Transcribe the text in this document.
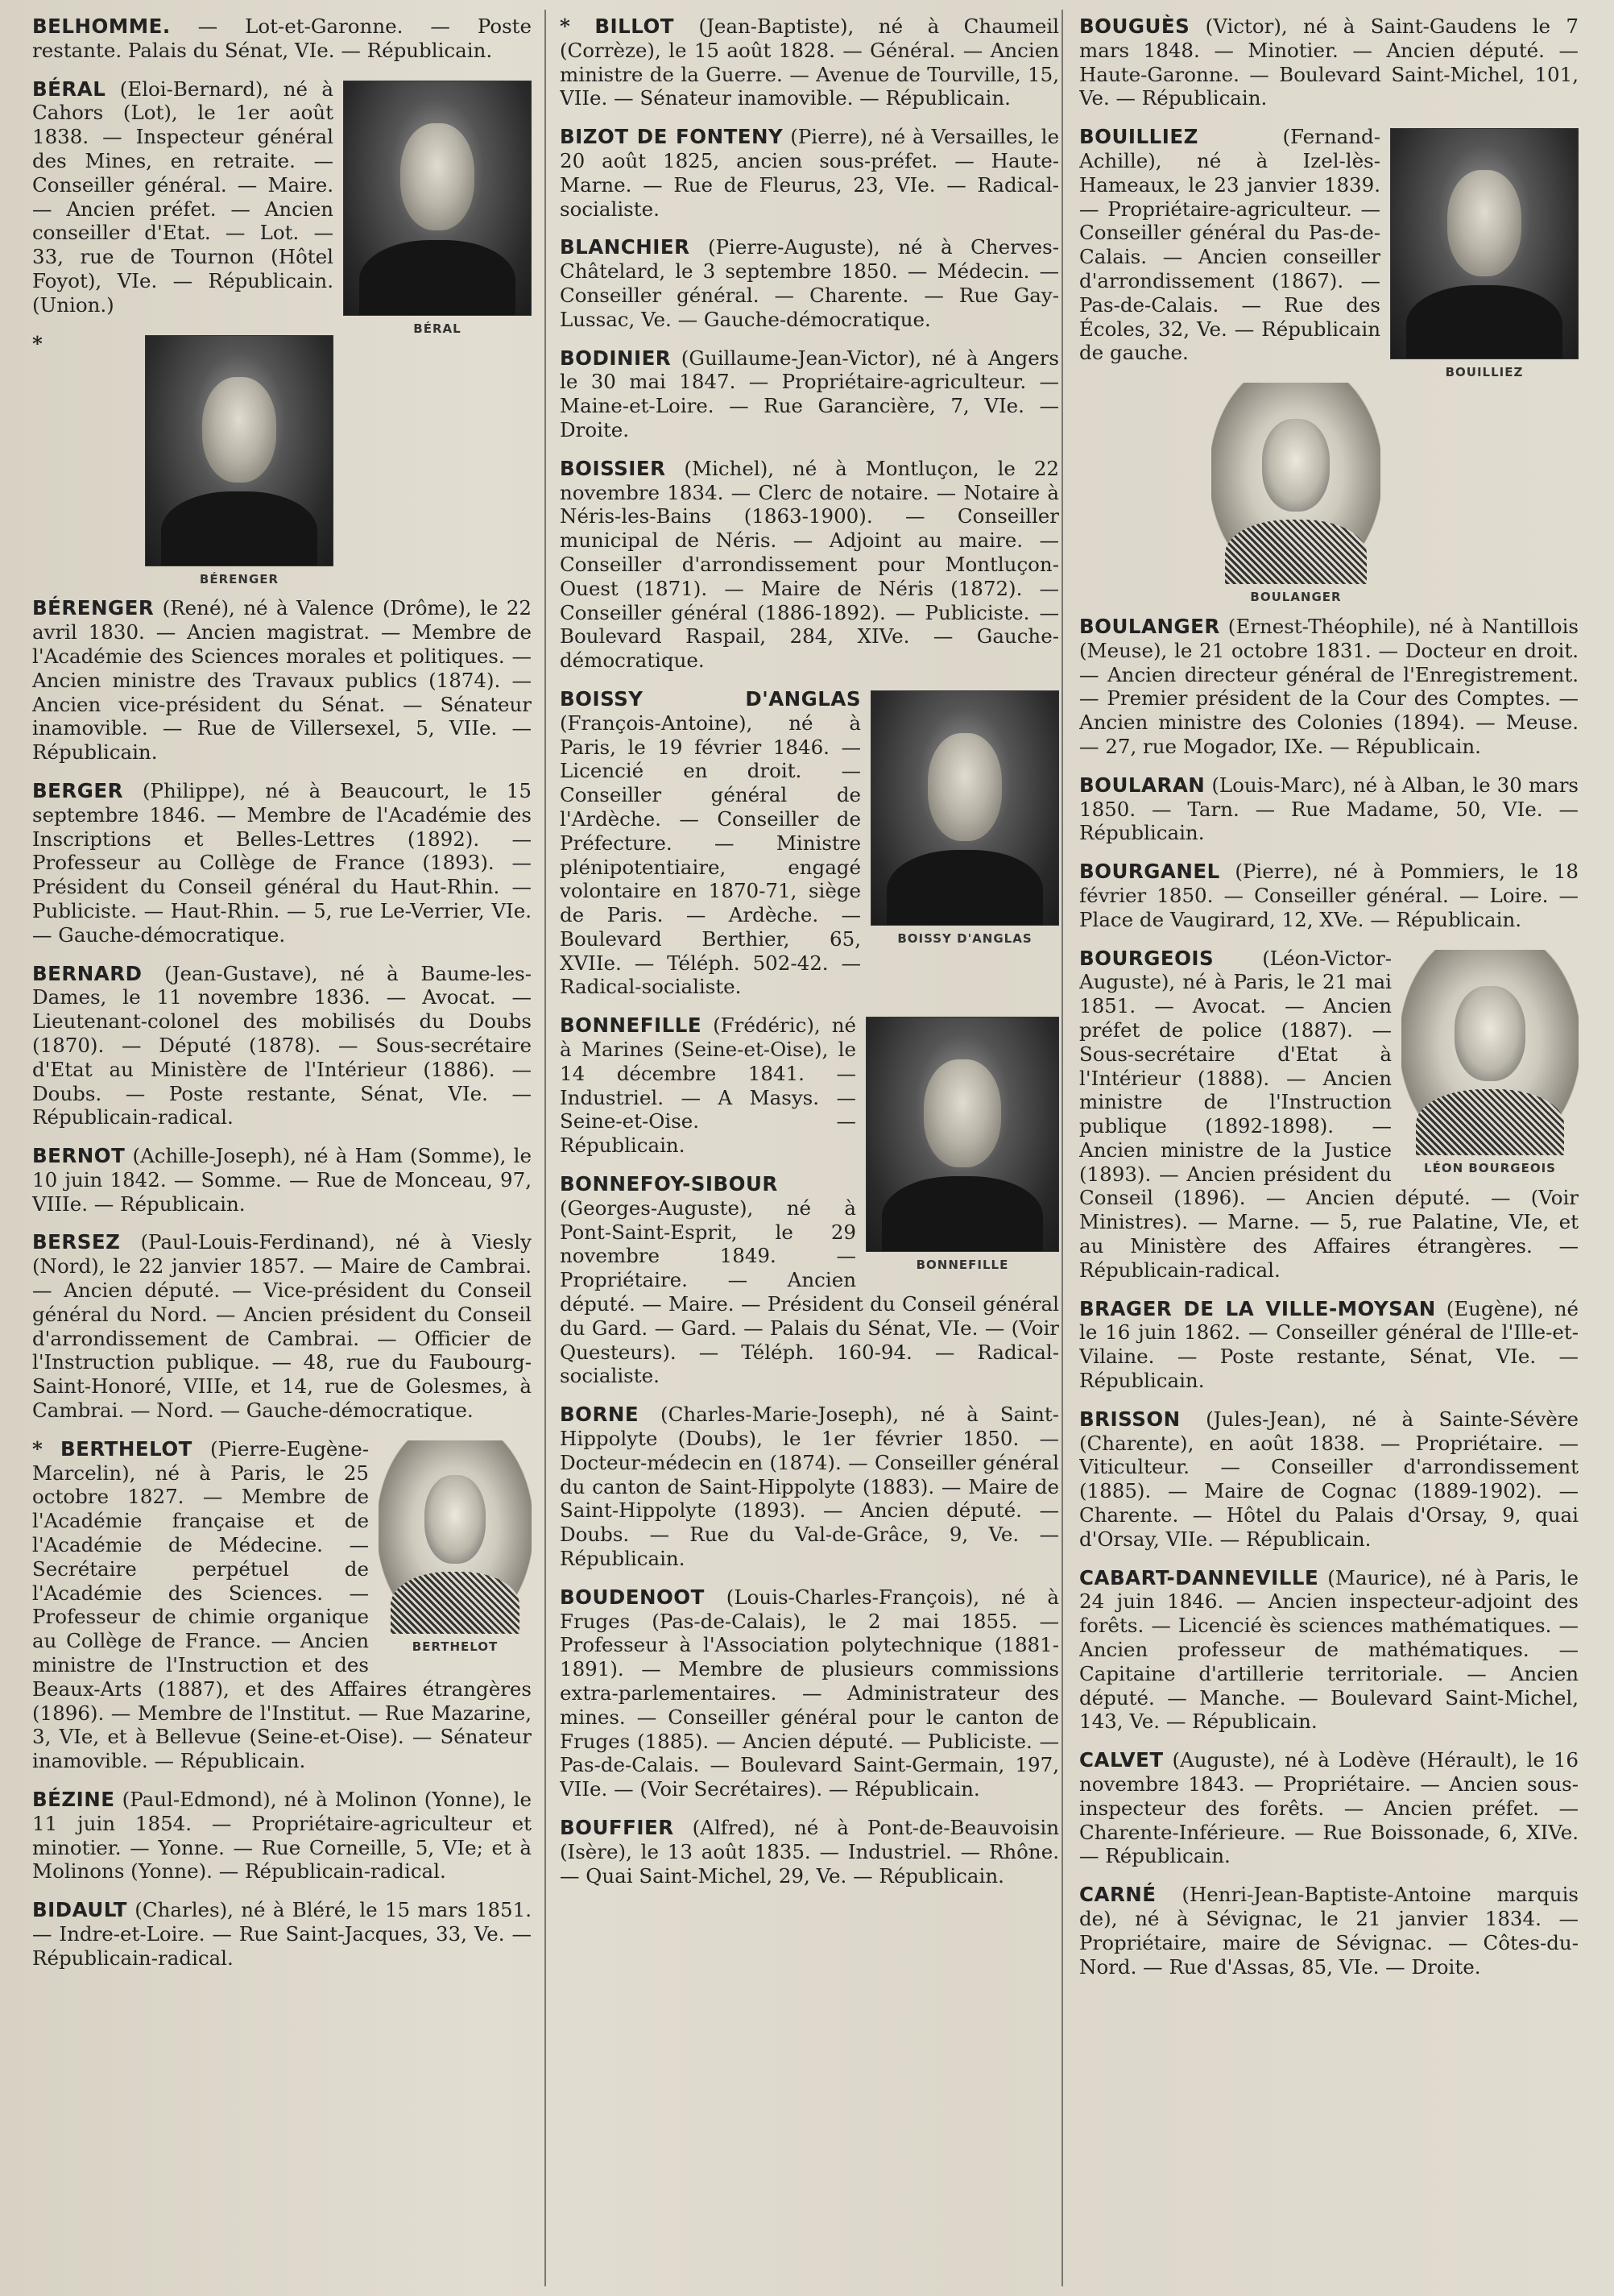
BELHOMME. — Lot-et-Garonne. — Poste restante. Palais du Sénat, VIe. — Républicain.

BÉRAL
BÉRAL (Eloi-Bernard), né à Cahors (Lot), le 1er août 1838. — Inspecteur général des Mines, en retraite. — Conseiller général. — Maire. — Ancien préfet. — Ancien conseiller d'Etat. — Lot. — 33, rue de Tournon (Hôtel Foyot), VIe. — Républicain. (Union.)

BÉRENGER
* BÉRENGER (René), né à Valence (Drôme), le 22 avril 1830. — Ancien magistrat. — Membre de l'Académie des Sciences morales et politiques. — Ancien ministre des Travaux publics (1874). — Ancien vice-président du Sénat. — Sénateur inamovible. — Rue de Villersexel, 5, VIIe. — Républicain.

BERGER (Philippe), né à Beaucourt, le 15 septembre 1846. — Membre de l'Académie des Inscriptions et Belles-Lettres (1892). — Professeur au Collège de France (1893). — Président du Conseil général du Haut-Rhin. — Publiciste. — Haut-Rhin. — 5, rue Le-Verrier, VIe. — Gauche-démocratique.

BERNARD (Jean-Gustave), né à Baume-les-Dames, le 11 novembre 1836. — Avocat. — Lieutenant-colonel des mobilisés du Doubs (1870). — Député (1878). — Sous-secrétaire d'Etat au Ministère de l'Intérieur (1886). — Doubs. — Poste restante, Sénat, VIe. — Républicain-radical.

BERNOT (Achille-Joseph), né à Ham (Somme), le 10 juin 1842. — Somme. — Rue de Monceau, 97, VIIIe. — Républicain.

BERSEZ (Paul-Louis-Ferdinand), né à Viesly (Nord), le 22 janvier 1857. — Maire de Cambrai. — Ancien député. — Vice-président du Conseil général du Nord. — Ancien président du Conseil d'arrondissement de Cambrai. — Officier de l'Instruction publique. — 48, rue du Faubourg-Saint-Honoré, VIIIe, et 14, rue de Golesmes, à Cambrai. — Nord. — Gauche-démocratique.

BERTHELOT
* BERTHELOT (Pierre-Eugène-Marcelin), né à Paris, le 25 octobre 1827. — Membre de l'Académie française et de l'Académie de Médecine. — Secrétaire perpétuel de l'Académie des Sciences. — Professeur de chimie organique au Collège de France. — Ancien ministre de l'Instruction et des Beaux-Arts (1887), et des Affaires étrangères (1896). — Membre de l'Institut. — Rue Mazarine, 3, VIe, et à Bellevue (Seine-et-Oise). — Sénateur inamovible. — Républicain.

BÉZINE (Paul-Edmond), né à Molinon (Yonne), le 11 juin 1854. — Propriétaire-agriculteur et minotier. — Yonne. — Rue Corneille, 5, VIe; et à Molinons (Yonne). — Républicain-radical.

BIDAULT (Charles), né à Bléré, le 15 mars 1851. — Indre-et-Loire. — Rue Saint-Jacques, 33, Ve. — Républicain-radical.

* BILLOT (Jean-Baptiste), né à Chaumeil (Corrèze), le 15 août 1828. — Général. — Ancien ministre de la Guerre. — Avenue de Tourville, 15, VIIe. — Sénateur inamovible. — Républicain.

BIZOT DE FONTENY (Pierre), né à Versailles, le 20 août 1825, ancien sous-préfet. — Haute-Marne. — Rue de Fleurus, 23, VIe. — Radical-socialiste.

BLANCHIER (Pierre-Auguste), né à Cherves-Châtelard, le 3 septembre 1850. — Médecin. — Conseiller général. — Charente. — Rue Gay-Lussac, Ve. — Gauche-démocratique.

BODINIER (Guillaume-Jean-Victor), né à Angers le 30 mai 1847. — Propriétaire-agriculteur. — Maine-et-Loire. — Rue Garancière, 7, VIe. — Droite.

BOISSIER (Michel), né à Montluçon, le 22 novembre 1834. — Clerc de notaire. — Notaire à Néris-les-Bains (1863-1900). — Conseiller municipal de Néris. — Adjoint au maire. — Conseiller d'arrondissement pour Montluçon-Ouest (1871). — Maire de Néris (1872). — Conseiller général (1886-1892). — Publiciste. — Boulevard Raspail, 284, XIVe. — Gauche-démocratique.

BOISSY D'ANGLAS
BOISSY D'ANGLAS (François-Antoine), né à Paris, le 19 février 1846. — Licencié en droit. — Conseiller général de l'Ardèche. — Conseiller de Préfecture. — Ministre plénipotentiaire, engagé volontaire en 1870-71, siège de Paris. — Ardèche. — Boulevard Berthier, 65, XVIIe. — Téléph. 502-42. — Radical-socialiste.

BONNEFILLE
BONNEFILLE (Frédéric), né à Marines (Seine-et-Oise), le 14 décembre 1841. — Industriel. — A Masys. — Seine-et-Oise. — Républicain.

BONNEFOY-SIBOUR (Georges-Auguste), né à Pont-Saint-Esprit, le 29 novembre 1849. — Propriétaire. — Ancien député. — Maire. — Président du Conseil général du Gard. — Gard. — Palais du Sénat, VIe. — (Voir Questeurs). — Téléph. 160-94. — Radical-socialiste.

BORNE (Charles-Marie-Joseph), né à Saint-Hippolyte (Doubs), le 1er février 1850. — Docteur-médecin en (1874). — Conseiller général du canton de Saint-Hippolyte (1883). — Maire de Saint-Hippolyte (1893). — Ancien député. — Doubs. — Rue du Val-de-Grâce, 9, Ve. — Républicain.

BOUDENOOT (Louis-Charles-François), né à Fruges (Pas-de-Calais), le 2 mai 1855. — Professeur à l'Association polytechnique (1881-1891). — Membre de plusieurs commissions extra-parlementaires. — Administrateur des mines. — Conseiller général pour le canton de Fruges (1885). — Ancien député. — Publiciste. — Pas-de-Calais. — Boulevard Saint-Germain, 197, VIIe. — (Voir Secrétaires). — Républicain.

BOUFFIER (Alfred), né à Pont-de-Beauvoisin (Isère), le 13 août 1835. — Industriel. — Rhône. — Quai Saint-Michel, 29, Ve. — Républicain.

BOUGUÈS (Victor), né à Saint-Gaudens le 7 mars 1848. — Minotier. — Ancien député. — Haute-Garonne. — Boulevard Saint-Michel, 101, Ve. — Républicain.

BOUILLIEZ
BOUILLIEZ (Fernand-Achille), né à Izel-lès-Hameaux, le 23 janvier 1839. — Propriétaire-agriculteur. — Conseiller général du Pas-de-Calais. — Ancien conseiller d'arrondissement (1867). — Pas-de-Calais. — Rue des Écoles, 32, Ve. — Républicain de gauche.

BOULANGER
BOULANGER (Ernest-Théophile), né à Nantillois (Meuse), le 21 octobre 1831. — Docteur en droit. — Ancien directeur général de l'Enregistrement. — Premier président de la Cour des Comptes. — Ancien ministre des Colonies (1894). — Meuse. — 27, rue Mogador, IXe. — Républicain.

BOULARAN (Louis-Marc), né à Alban, le 30 mars 1850. — Tarn. — Rue Madame, 50, VIe. — Républicain.

BOURGANEL (Pierre), né à Pommiers, le 18 février 1850. — Conseiller général. — Loire. — Place de Vaugirard, 12, XVe. — Républicain.

LÉON BOURGEOIS
BOURGEOIS (Léon-Victor-Auguste), né à Paris, le 21 mai 1851. — Avocat. — Ancien préfet de police (1887). — Sous-secrétaire d'Etat à l'Intérieur (1888). — Ancien ministre de l'Instruction publique (1892-1898). — Ancien ministre de la Justice (1893). — Ancien président du Conseil (1896). — Ancien député. — (Voir Ministres). — Marne. — 5, rue Palatine, VIe, et au Ministère des Affaires étrangères. — Républicain-radical.

BRAGER DE LA VILLE-MOYSAN (Eugène), né le 16 juin 1862. — Conseiller général de l'Ille-et-Vilaine. — Poste restante, Sénat, VIe. — Républicain.

BRISSON (Jules-Jean), né à Sainte-Sévère (Charente), en août 1838. — Propriétaire. — Viticulteur. — Conseiller d'arrondissement (1885). — Maire de Cognac (1889-1902). — Charente. — Hôtel du Palais d'Orsay, 9, quai d'Orsay, VIIe. — Républicain.

CABART-DANNEVILLE (Maurice), né à Paris, le 24 juin 1846. — Ancien inspecteur-adjoint des forêts. — Licencié ès sciences mathématiques. — Ancien professeur de mathématiques. — Capitaine d'artillerie territoriale. — Ancien député. — Manche. — Boulevard Saint-Michel, 143, Ve. — Républicain.

CALVET (Auguste), né à Lodève (Hérault), le 16 novembre 1843. — Propriétaire. — Ancien sous-inspecteur des forêts. — Ancien préfet. — Charente-Inférieure. — Rue Boissonade, 6, XIVe. — Républicain.

CARNÉ (Henri-Jean-Baptiste-Antoine marquis de), né à Sévignac, le 21 janvier 1834. — Propriétaire, maire de Sévignac. — Côtes-du-Nord. — Rue d'Assas, 85, VIe. — Droite.
